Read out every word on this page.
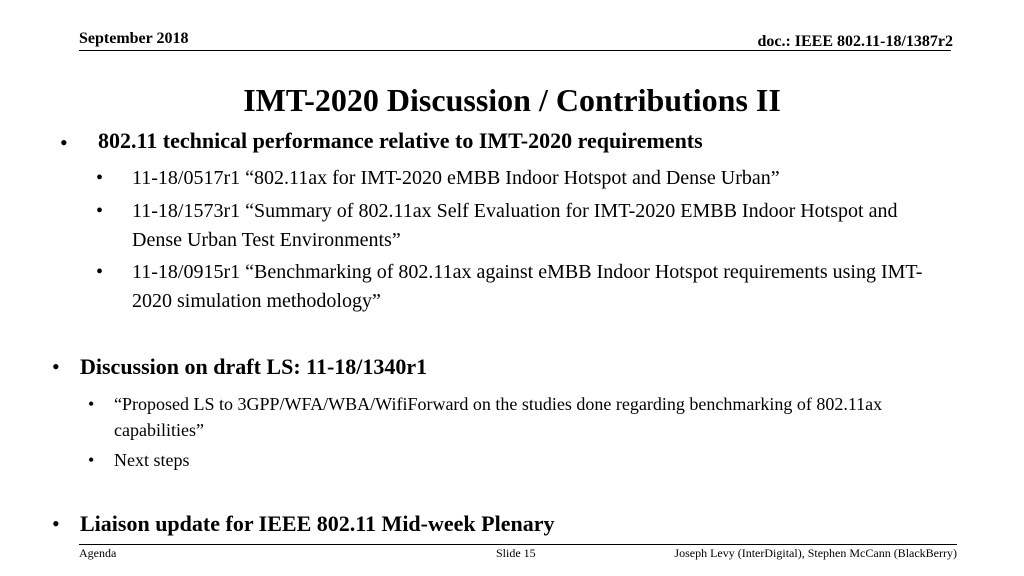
September 2018	doc.: IEEE 802.11-18/1387r2
IMT-2020 Discussion / Contributions II
• 802.11 technical performance relative to IMT-2020 requirements
• 11-18/0517r1 “802.11ax for IMT-2020 eMBB Indoor Hotspot and Dense Urban”
• 11-18/1573r1 “Summary of 802.11ax Self Evaluation for IMT-2020 EMBB Indoor Hotspot and Dense Urban Test Environments”
• 11-18/0915r1 “Benchmarking of 802.11ax against eMBB Indoor Hotspot requirements using IMT-2020 simulation methodology”
• Discussion on draft LS: 11-18/1340r1
• “Proposed LS to 3GPP/WFA/WBA/WifiForward on the studies done regarding benchmarking of 802.11ax capabilities”
• Next steps
• Liaison update for IEEE 802.11 Mid-week Plenary
Agenda	Slide 15	Joseph Levy (InterDigital), Stephen McCann (BlackBerry)
